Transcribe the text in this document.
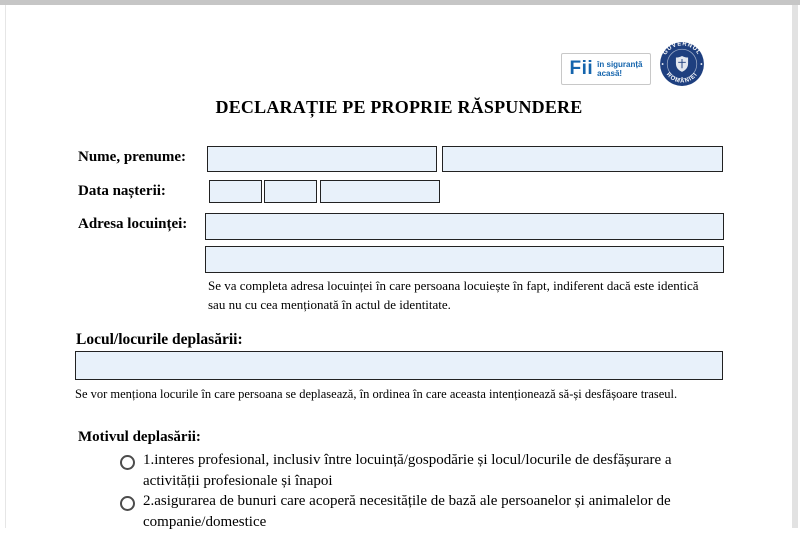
Fii în siguranță
acasă!
GUVERNUL
ROMÂNIEI
DECLARAȚIE PE PROPRIE RĂSPUNDERE
Nume, prenume:
Data nașterii:
Adresa locuinței:
Se va completa adresa locuinței în care persoana locuiește în fapt, indiferent dacă este identică sau nu cu cea menționată în actul de identitate.
Locul/locurile deplasării:
Se vor menționa locurile în care persoana se deplasează, în ordinea în care aceasta intenționează să-și desfășoare traseul.
Motivul deplasării:
1.interes profesional, inclusiv între locuință/gospodărie și locul/locurile de desfășurare a activității profesionale și înapoi
2.asigurarea de bunuri care acoperă necesitățile de bază ale persoanelor și animalelor de companie/domestice
